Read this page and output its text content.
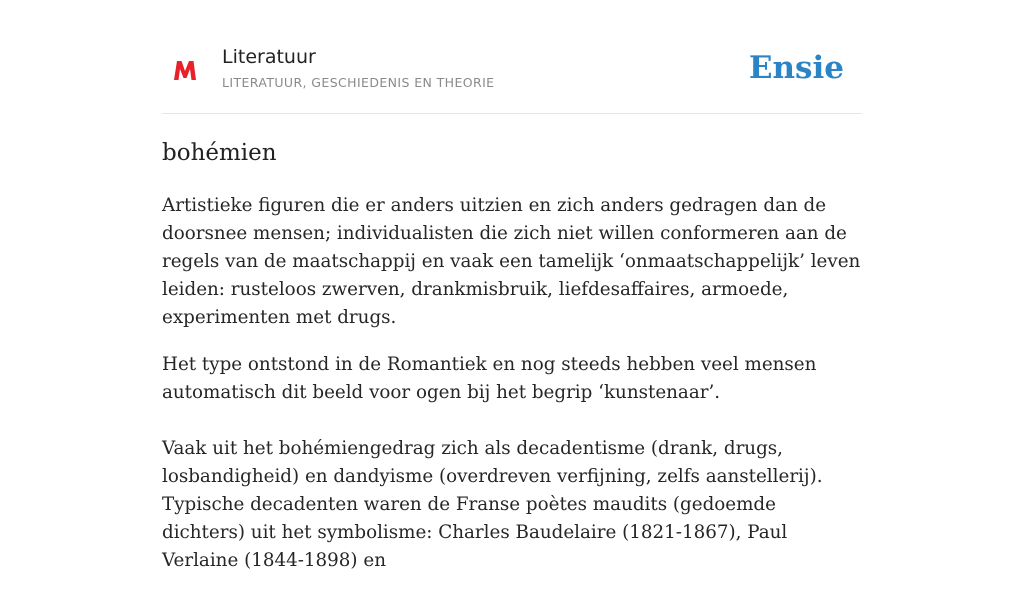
Literatuur
LITERATUUR, GESCHIEDENIS EN THEORIE	Ensie
bohémien

Artistieke figuren die er anders uitzien en zich anders gedragen dan de doorsnee mensen; individualisten die zich niet willen conformeren aan de regels van de maatschappij en vaak een tamelijk ‘onmaatschappelijk’ leven leiden: rusteloos zwerven, drankmisbruik, liefdesaffaires, armoede, experimenten met drugs.

Het type ontstond in de Romantiek en nog steeds hebben veel mensen automatisch dit beeld voor ogen bij het begrip ‘kunstenaar’.

Vaak uit het bohémiengedrag zich als decadentisme (drank, drugs, losbandigheid) en dandyisme (overdreven verfijning, zelfs aanstellerij). Typische decadenten waren de Franse poètes maudits (gedoemde dichters) uit het symbolisme: Charles Baudelaire (1821-1867), Paul Verlaine (1844-1898) en
